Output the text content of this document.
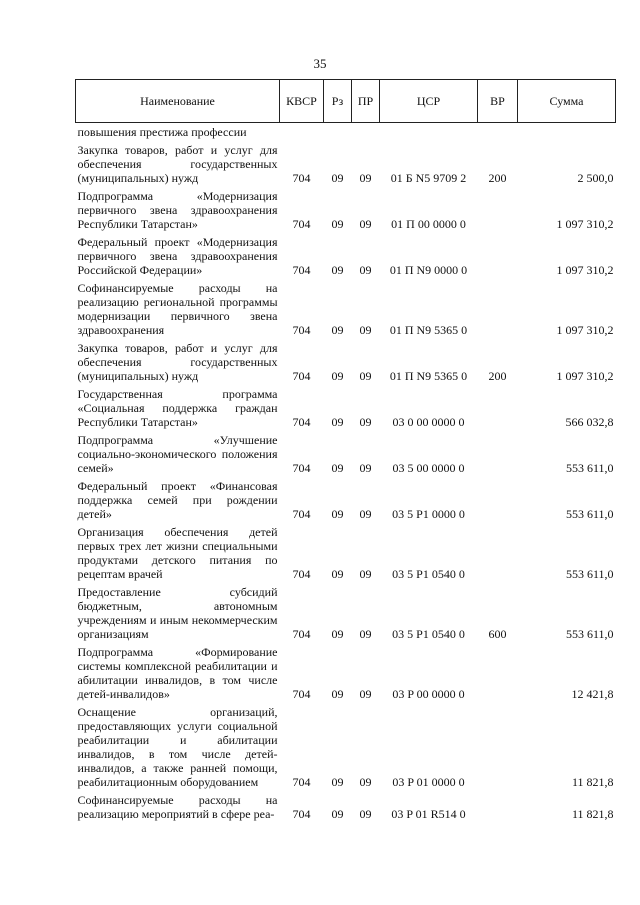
35
Наименование	КВСР	Рз	ПР	ЦСР	ВР	Сумма
повышения престижа профессии						
Закупка товаров, работ и услуг для обеспечения государственных (муниципальных) нужд	704	09	09	01 Б N5 9709 2	200	2 500,0
Подпрограмма «Модернизация первичного звена здравоохранения Республики Татарстан»	704	09	09	01 П 00 0000 0		1 097 310,2
Федеральный проект «Модернизация первичного звена здравоохранения Российской Федерации»	704	09	09	01 П N9 0000 0		1 097 310,2
Софинансируемые расходы на реализацию региональной программы модернизации первичного звена здравоохранения	704	09	09	01 П N9 5365 0		1 097 310,2
Закупка товаров, работ и услуг для обеспечения государственных (муниципальных) нужд	704	09	09	01 П N9 5365 0	200	1 097 310,2
Государственная программа «Социальная поддержка граждан Республики Татарстан»	704	09	09	03 0 00 0000 0		566 032,8
Подпрограмма «Улучшение социально-экономического положения семей»	704	09	09	03 5 00 0000 0		553 611,0
Федеральный проект «Финансовая поддержка семей при рождении детей»	704	09	09	03 5 P1 0000 0		553 611,0
Организация обеспечения детей первых трех лет жизни специальными продуктами детского питания по рецептам врачей	704	09	09	03 5 P1 0540 0		553 611,0
Предоставление субсидий бюджетным, автономным учреждениям и иным некоммерческим организациям	704	09	09	03 5 P1 0540 0	600	553 611,0
Подпрограмма «Формирование системы комплексной реабилитации и абилитации инвалидов, в том числе детей-инвалидов»	704	09	09	03 P 00 0000 0		12 421,8
Оснащение организаций, предоставляющих услуги социальной реабилитации и абилитации инвалидов, в том числе детей-инвалидов, а также ранней помощи, реабилитационным оборудованием	704	09	09	03 P 01 0000 0		11 821,8
Софинансируемые расходы на реализацию мероприятий в сфере реа-	704	09	09	03 P 01 R514 0		11 821,8
